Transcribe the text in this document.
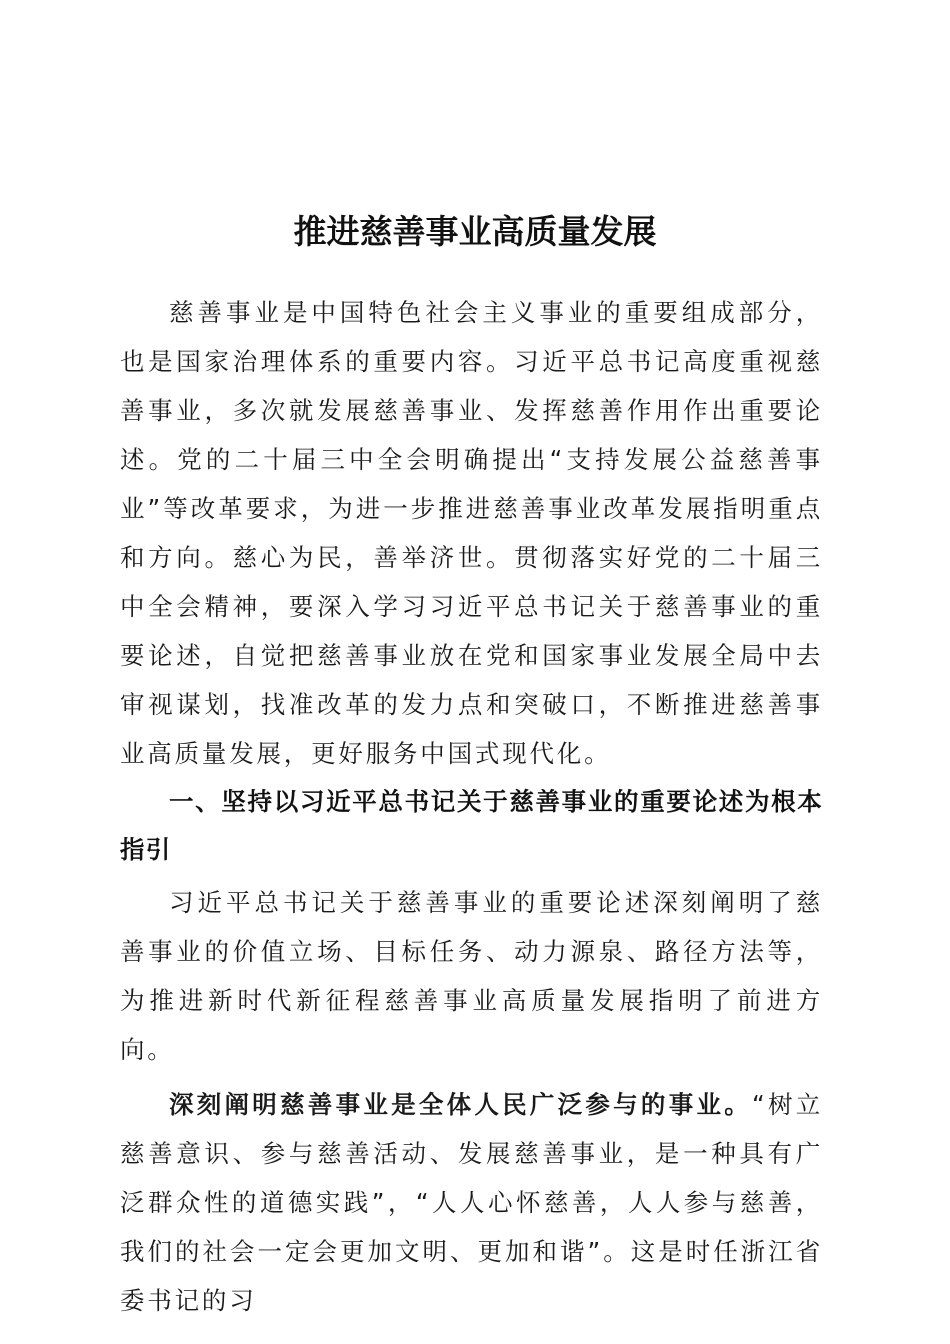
推进慈善事业高质量发展

慈善事业是中国特色社会主义事业的重要组成部分，也是国家治理体系的重要内容。习近平总书记高度重视慈善事业，多次就发展慈善事业、发挥慈善作用作出重要论述。党的二十届三中全会明确提出“支持发展公益慈善事业”等改革要求，为进一步推进慈善事业改革发展指明重点和方向。慈心为民，善举济世。贯彻落实好党的二十届三中全会精神，要深入学习习近平总书记关于慈善事业的重要论述，自觉把慈善事业放在党和国家事业发展全局中去审视谋划，找准改革的发力点和突破口，不断推进慈善事业高质量发展，更好服务中国式现代化。

一、坚持以习近平总书记关于慈善事业的重要论述为根本指引

习近平总书记关于慈善事业的重要论述深刻阐明了慈善事业的价值立场、目标任务、动力源泉、路径方法等，为推进新时代新征程慈善事业高质量发展指明了前进方向。

深刻阐明慈善事业是全体人民广泛参与的事业。“树立慈善意识、参与慈善活动、发展慈善事业，是一种具有广泛群众性的道德实践”，“人人心怀慈善，人人参与慈善，我们的社会一定会更加文明、更加和谐”。这是时任浙江省委书记的习
